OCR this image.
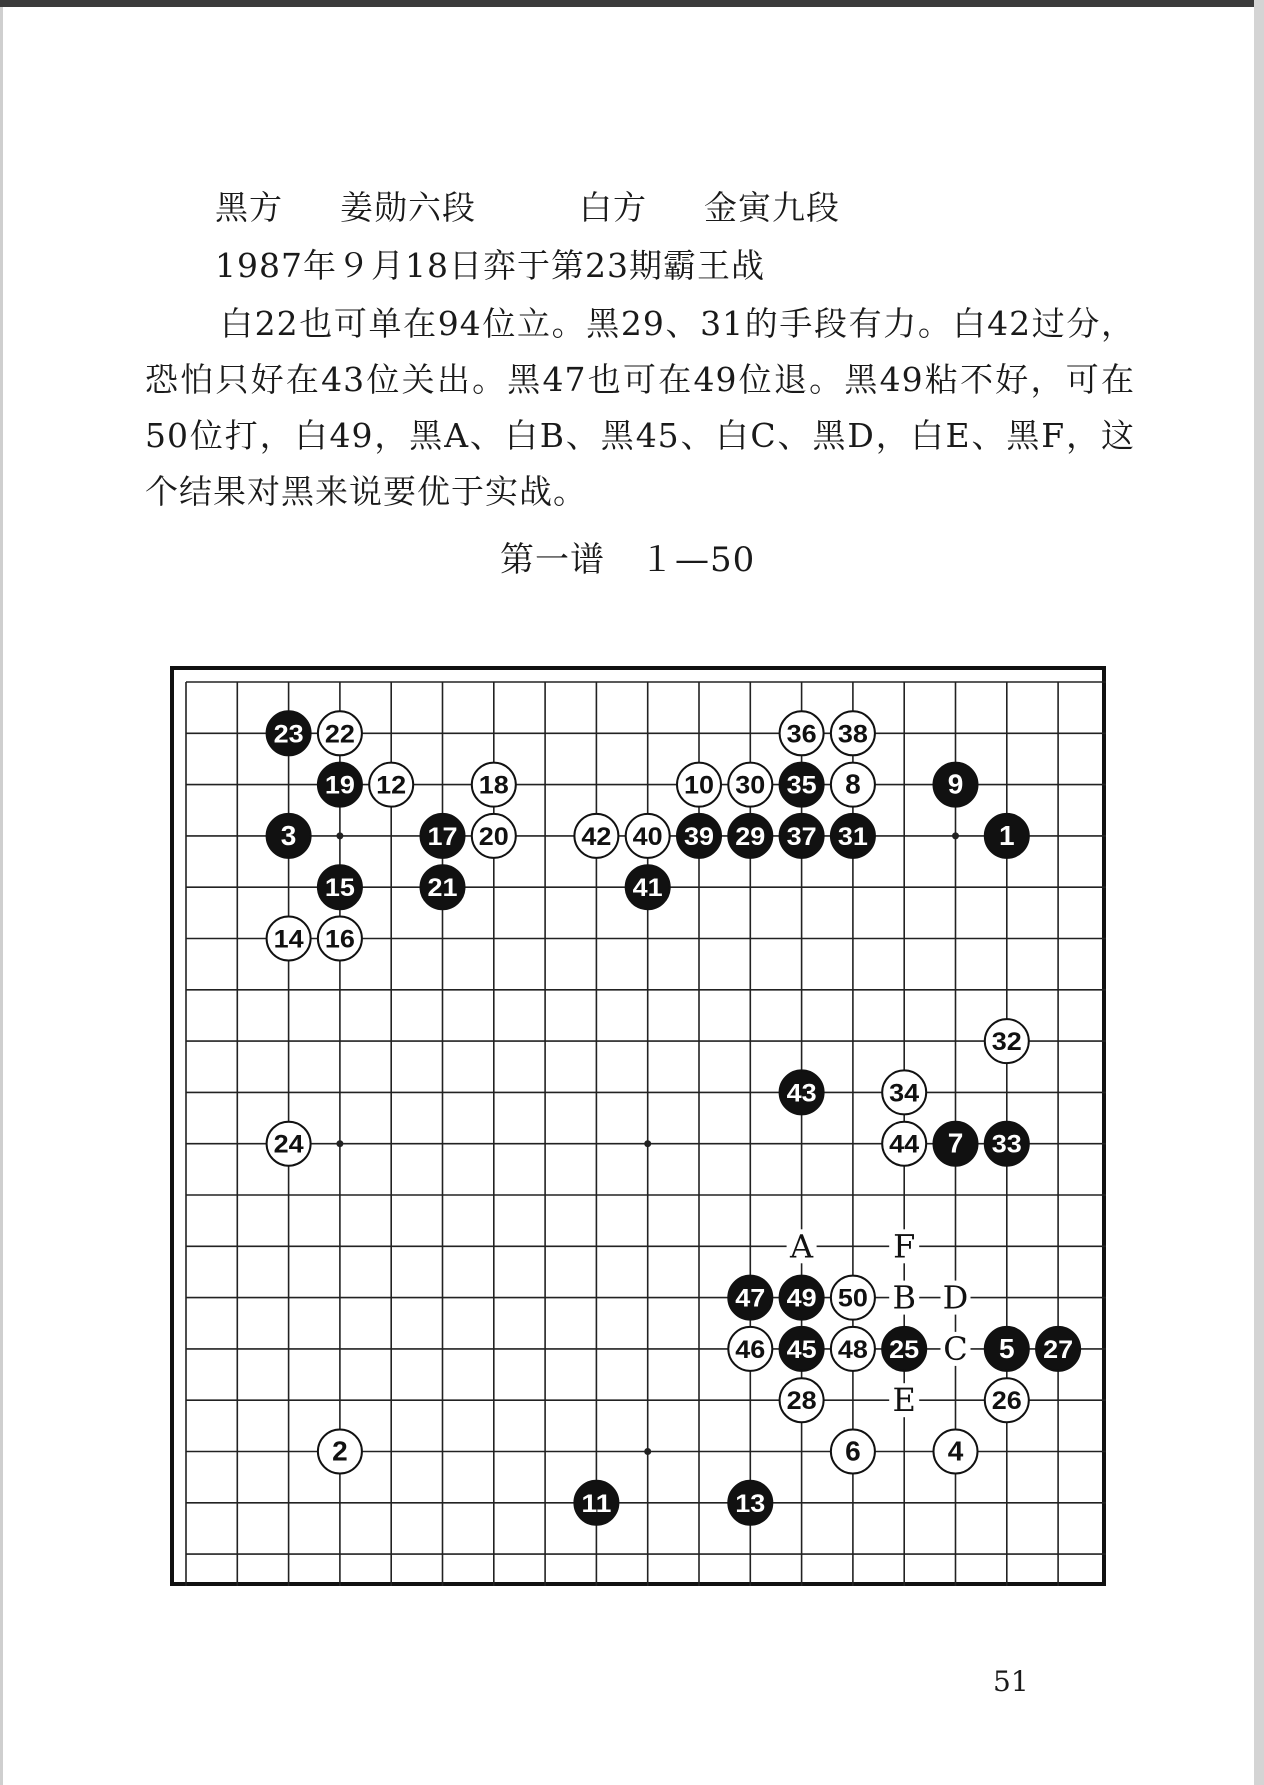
黑方 姜勋六段	白方 金寅九段
1987年９月18日弈于第23期霸王战
白22也可单在94位立。黑29、31的手段有力。白42过分，恐怕只好在43位关出。黑47也可在49位退。黑49粘不好，可在50位打，白49，黑A、白B、黑45、白C、黑D，白E、黑F，这个结果对黑来说要优于实战。
第一谱　１—50
A F
B D
C
E
23 22	36 38
19 12	18	10 30 35 8	9
3	17 20	42 40 39 29 37 31	1
15	21	41
14 16
32
43	34
24	44 7 33
47 49 50
46 45 48 25	5 27
28	26
2	6	4
11	13
51
